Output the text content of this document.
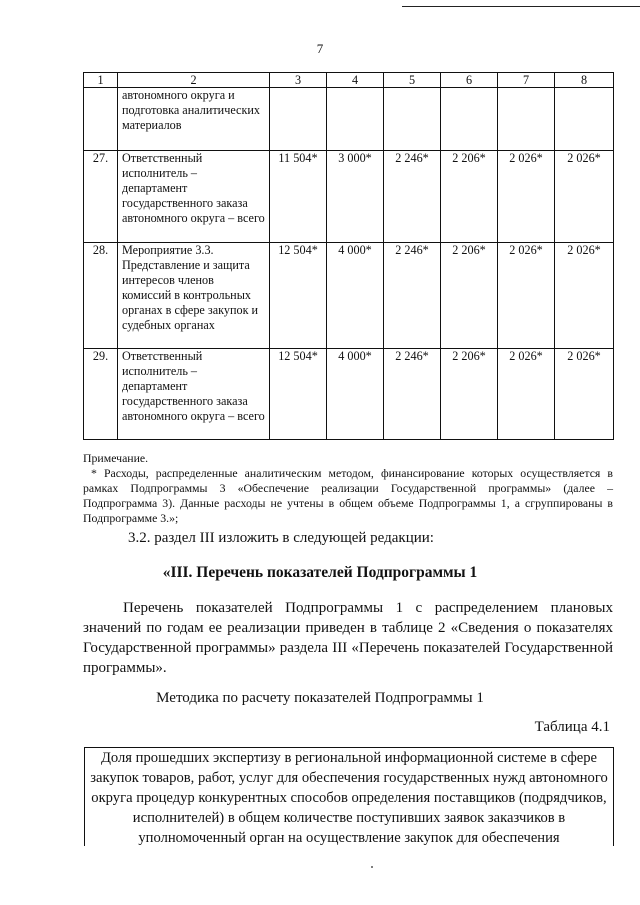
7
1	2	3	4	5	6	7	8
	автономного округа и подготовка аналитических материалов						
27.	Ответственный исполнитель – департамент государственного заказа автономного округа – всего	11 504*	3 000*	2 246*	2 206*	2 026*	2 026*
28.	Мероприятие 3.3. Представление и защита интересов членов комиссий в контрольных органах в сфере закупок и судебных органах	12 504*	4 000*	2 246*	2 206*	2 026*	2 026*
29.	Ответственный исполнитель – департамент государственного заказа автономного округа – всего	12 504*	4 000*	2 246*	2 206*	2 026*	2 026*
Примечание.
* Расходы, распределенные аналитическим методом, финансирование которых осуществляется в рамках Подпрограммы 3 «Обеспечение реализации Государственной программы» (далее – Подпрограмма 3). Данные расходы не учтены в общем объеме Подпрограммы 1, а сгруппированы в Подпрограмме 3.»;
3.2. раздел III изложить в следующей редакции:
«III. Перечень показателей Подпрограммы 1
Перечень показателей Подпрограммы 1 с распределением плановых значений по годам ее реализации приведен в таблице 2 «Сведения о показателях Государственной программы» раздела III «Перечень показателей Государственной программы».
Методика по расчету показателей Подпрограммы 1
Таблица 4.1
Доля прошедших экспертизу в региональной информационной системе в сфере закупок товаров, работ, услуг для обеспечения государственных нужд автономного округа процедур конкурентных способов определения поставщиков (подрядчиков, исполнителей) в общем количестве поступивших заявок заказчиков в уполномоченный орган на осуществление закупок для обеспечения
